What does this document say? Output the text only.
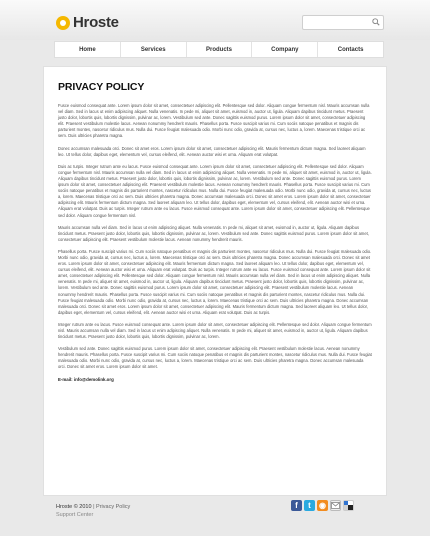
Hroste
Home	Services	Products	Company	Contacts
PRIVACY POLICY

Fusce euismod consequat ante. Lorem ipsum dolor sit amet, consectetuer adipiscing elit. Pellentesque sed dolor. Aliquam congue fermentum nisl. Mauris accumsan nulla vel diam. Sed in lacus ut enim adipiscing aliquet. Nulla venenatis. In pede mi, aliquet sit amet, euismod in, auctor ut, ligula. Aliquam dapibus tincidunt metus. Praesent justo dolor, lobortis quis, lobortis dignissim, pulvinar ac, lorem. Vestibulum sed ante. Donec sagittis euismod purus. Lorem ipsum dolor sit amet, consectetuer adipiscing elit. Praesent vestibulum molestie lacus. Aenean nonummy hendrerit mauris. Phasellus porta. Fusce suscipit varius mi. Cum sociis natoque penatibus et magnis dis parturient montes, nascetur ridiculus mus. Nulla dui. Fusce feugiat malesuada odio. Morbi nunc odio, gravida at, cursus nec, luctus a, lorem. Maecenas tristique orci ac sem. Duis ultricies pharetra magna.

Donec accumsan malesuada orci. Donec sit amet eros. Lorem ipsum dolor sit amet, consectetuer adipiscing elit. Mauris fermentum dictum magna. Sed laoreet aliquam leo. Ut tellus dolor, dapibus eget, elementum vel, cursus eleifend, elit. Aenean auctor wisi et urna. Aliquam erat volutpat.

Duis ac turpis. Integer rutrum ante eu lacus. Fusce euismod consequat ante. Lorem ipsum dolor sit amet, consectetuer adipiscing elit. Pellentesque sed dolor. Aliquam congue fermentum nisl. Mauris accumsan nulla vel diam. Sed in lacus ut enim adipiscing aliquet. Nulla venenatis. In pede mi, aliquet sit amet, euismod in, auctor ut, ligula. Aliquam dapibus tincidunt metus. Praesent justo dolor, lobortis quis, lobortis dignissim, pulvinar ac, lorem. Vestibulum sed ante. Donec sagittis euismod purus. Lorem ipsum dolor sit amet, consectetuer adipiscing elit. Praesent vestibulum molestie lacus. Aenean nonummy hendrerit mauris. Phasellus porta. Fusce suscipit varius mi. Cum sociis natoque penatibus et magnis dis parturient montes, nascetur ridiculus mus. Nulla dui. Fusce feugiat malesuada odio. Morbi nunc odio, gravida at, cursus nec, luctus a, lorem. Maecenas tristique orci ac sem. Duis ultricies pharetra magna. Donec accumsan malesuada orci. Donec sit amet eros. Lorem ipsum dolor sit amet, consectetuer adipiscing elit. Mauris fermentum dictum magna. Sed laoreet aliquam leo. Ut tellus dolor, dapibus eget, elementum vel, cursus eleifend, elit. Aenean auctor wisi et urna. Aliquam erat volutpat. Duis ac turpis. Integer rutrum ante eu lacus. Fusce euismod consequat ante. Lorem ipsum dolor sit amet, consectetuer adipiscing elit. Pellentesque sed dolor. Aliquam congue fermentum nisl.

Mauris accumsan nulla vel diam. Sed in lacus ut enim adipiscing aliquet. Nulla venenatis. In pede mi, aliquet sit amet, euismod in, auctor ut, ligula. Aliquam dapibus tincidunt metus. Praesent justo dolor, lobortis quis, lobortis dignissim, pulvinar ac, lorem. Vestibulum sed ante. Donec sagittis euismod purus. Lorem ipsum dolor sit amet, consectetuer adipiscing elit. Praesent vestibulum molestie lacus. Aenean nonummy hendrerit mauris.

Phasellus porta. Fusce suscipit varius mi. Cum sociis natoque penatibus et magnis dis parturient montes, nascetur ridiculus mus. Nulla dui. Fusce feugiat malesuada odio. Morbi nunc odio, gravida at, cursus nec, luctus a, lorem. Maecenas tristique orci ac sem. Duis ultricies pharetra magna. Donec accumsan malesuada orci. Donec sit amet eros. Lorem ipsum dolor sit amet, consectetuer adipiscing elit. Mauris fermentum dictum magna. Sed laoreet aliquam leo. Ut tellus dolor, dapibus eget, elementum vel, cursus eleifend, elit. Aenean auctor wisi et urna. Aliquam erat volutpat. Duis ac turpis. Integer rutrum ante eu lacus. Fusce euismod consequat ante. Lorem ipsum dolor sit amet, consectetuer adipiscing elit. Pellentesque sed dolor. Aliquam congue fermentum nisl. Mauris accumsan nulla vel diam. Sed in lacus ut enim adipiscing aliquet. Nulla venenatis. In pede mi, aliquet sit amet, euismod in, auctor ut, ligula. Aliquam dapibus tincidunt metus. Praesent justo dolor, lobortis quis, lobortis dignissim, pulvinar ac, lorem. Vestibulum sed ante. Donec sagittis euismod purus. Lorem ipsum dolor sit amet, consectetuer adipiscing elit. Praesent vestibulum molestie lacus. Aenean nonummy hendrerit mauris. Phasellus porta. Fusce suscipit varius mi. Cum sociis natoque penatibus et magnis dis parturient montes, nascetur ridiculus mus. Nulla dui. Fusce feugiat malesuada odio. Morbi nunc odio, gravida at, cursus nec, luctus a, lorem. Maecenas tristique orci ac sem. Duis ultricies pharetra magna. Donec accumsan malesuada orci. Donec sit amet eros. Lorem ipsum dolor sit amet, consectetuer adipiscing elit. Mauris fermentum dictum magna. Sed laoreet aliquam leo. Ut tellus dolor, dapibus eget, elementum vel, cursus eleifend, elit. Aenean auctor wisi et urna. Aliquam erat volutpat. Duis ac turpis.

Integer rutrum ante eu lacus. Fusce euismod consequat ante. Lorem ipsum dolor sit amet, consectetuer adipiscing elit. Pellentesque sed dolor. Aliquam congue fermentum nisl. Mauris accumsan nulla vel diam. Sed in lacus ut enim adipiscing aliquet. Nulla venenatis. In pede mi, aliquet sit amet, euismod in, auctor ut, ligula. Aliquam dapibus tincidunt metus. Praesent justo dolor, lobortis quis, lobortis dignissim, pulvinar ac, lorem.

Vestibulum sed ante. Donec sagittis euismod purus. Lorem ipsum dolor sit amet, consectetuer adipiscing elit. Praesent vestibulum molestie lacus. Aenean nonummy hendrerit mauris. Phasellus porta. Fusce suscipit varius mi. Cum sociis natoque penatibus et magnis dis parturient montes, nascetur ridiculus mus. Nulla dui. Fusce feugiat malesuada odio. Morbi nunc odio, gravida at, cursus nec, luctus a, lorem. Maecenas tristique orci ac sem. Duis ultricies pharetra magna. Donec accumsan malesuada orci. Donec sit amet eros. Lorem ipsum dolor sit amet.

E-mail: info@demolink.org

Hroste © 2010 | Privacy Policy
Support Center
f	t	◉
